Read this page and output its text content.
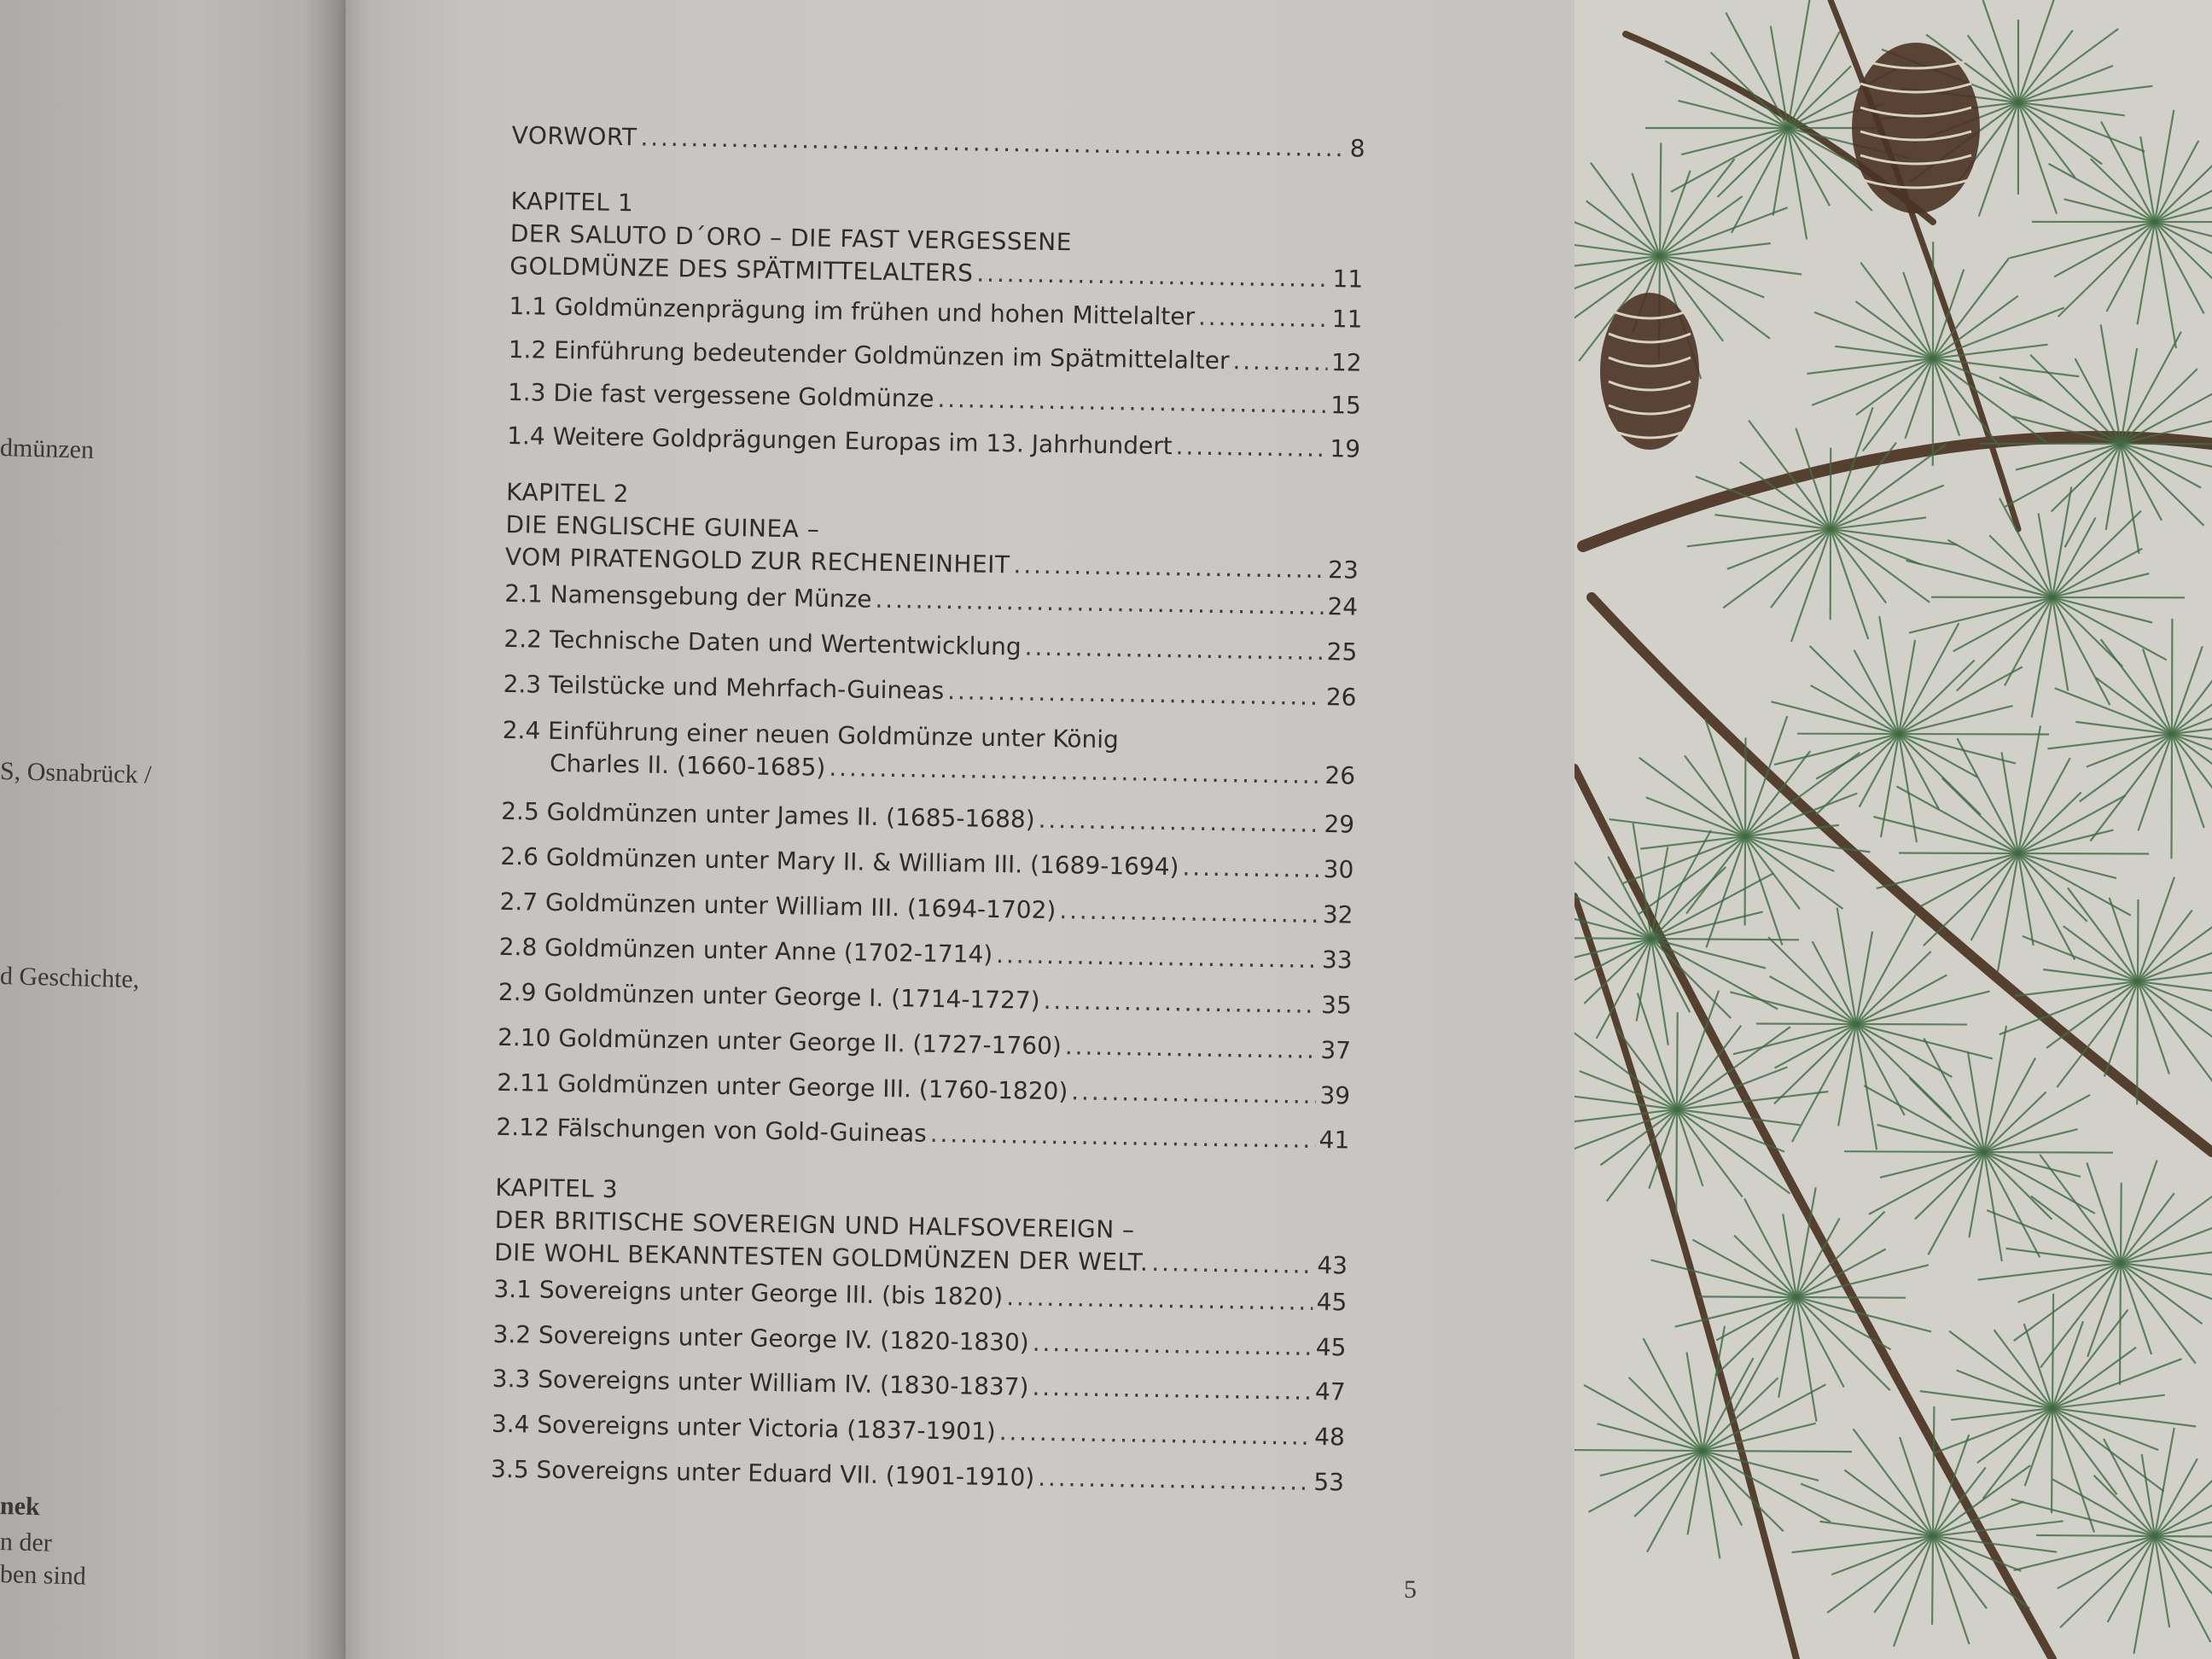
dmünzen

S, Osnabrück /
d Geschichte,
nek
n der
ben sind
VORWORT . . .	8
KAPITEL 1
DER SALUTO D´ORO – DIE FAST VERGESSENE
GOLDMÜNZE DES SPÄTMITTELALTERS . . .	11
1.1 Goldmünzenprägung im frühen und hohen Mittelalter . . .	11
1.2 Einführung bedeutender Goldmünzen im Spätmittelalter . . .	12
1.3 Die fast vergessene Goldmünze . . .	15
1.4 Weitere Goldprägungen Europas im 13. Jahrhundert . . .	19
KAPITEL 2
DIE ENGLISCHE GUINEA –
VOM PIRATENGOLD ZUR RECHENEINHEIT . . .	23
2.1 Namensgebung der Münze . . .	24
2.2 Technische Daten und Wertentwicklung . . .	25
2.3 Teilstücke und Mehrfach-Guineas . . .	26
2.4 Einführung einer neuen Goldmünze unter König
Charles II. (1660-1685) . . .	26
2.5 Goldmünzen unter James II. (1685-1688) . . .	29
2.6 Goldmünzen unter Mary II. & William III. (1689-1694) . . .	30
2.7 Goldmünzen unter William III. (1694-1702) . . .	32
2.8 Goldmünzen unter Anne (1702-1714) . . .	33
2.9 Goldmünzen unter George I. (1714-1727) . . .	35
2.10 Goldmünzen unter George II. (1727-1760) . . .	37
2.11 Goldmünzen unter George III. (1760-1820) . . .	39
2.12 Fälschungen von Gold-Guineas . . .	41
KAPITEL 3
DER BRITISCHE SOVEREIGN UND HALFSOVEREIGN –
DIE WOHL BEKANNTESTEN GOLDMÜNZEN DER WELT. . . .	43
3.1 Sovereigns unter George III. (bis 1820) . . .	45
3.2 Sovereigns unter George IV. (1820-1830) . . .	45
3.3 Sovereigns unter William IV. (1830-1837) . . .	47
3.4 Sovereigns unter Victoria (1837-1901) . . .	48
3.5 Sovereigns unter Eduard VII. (1901-1910) . . .	53
5
